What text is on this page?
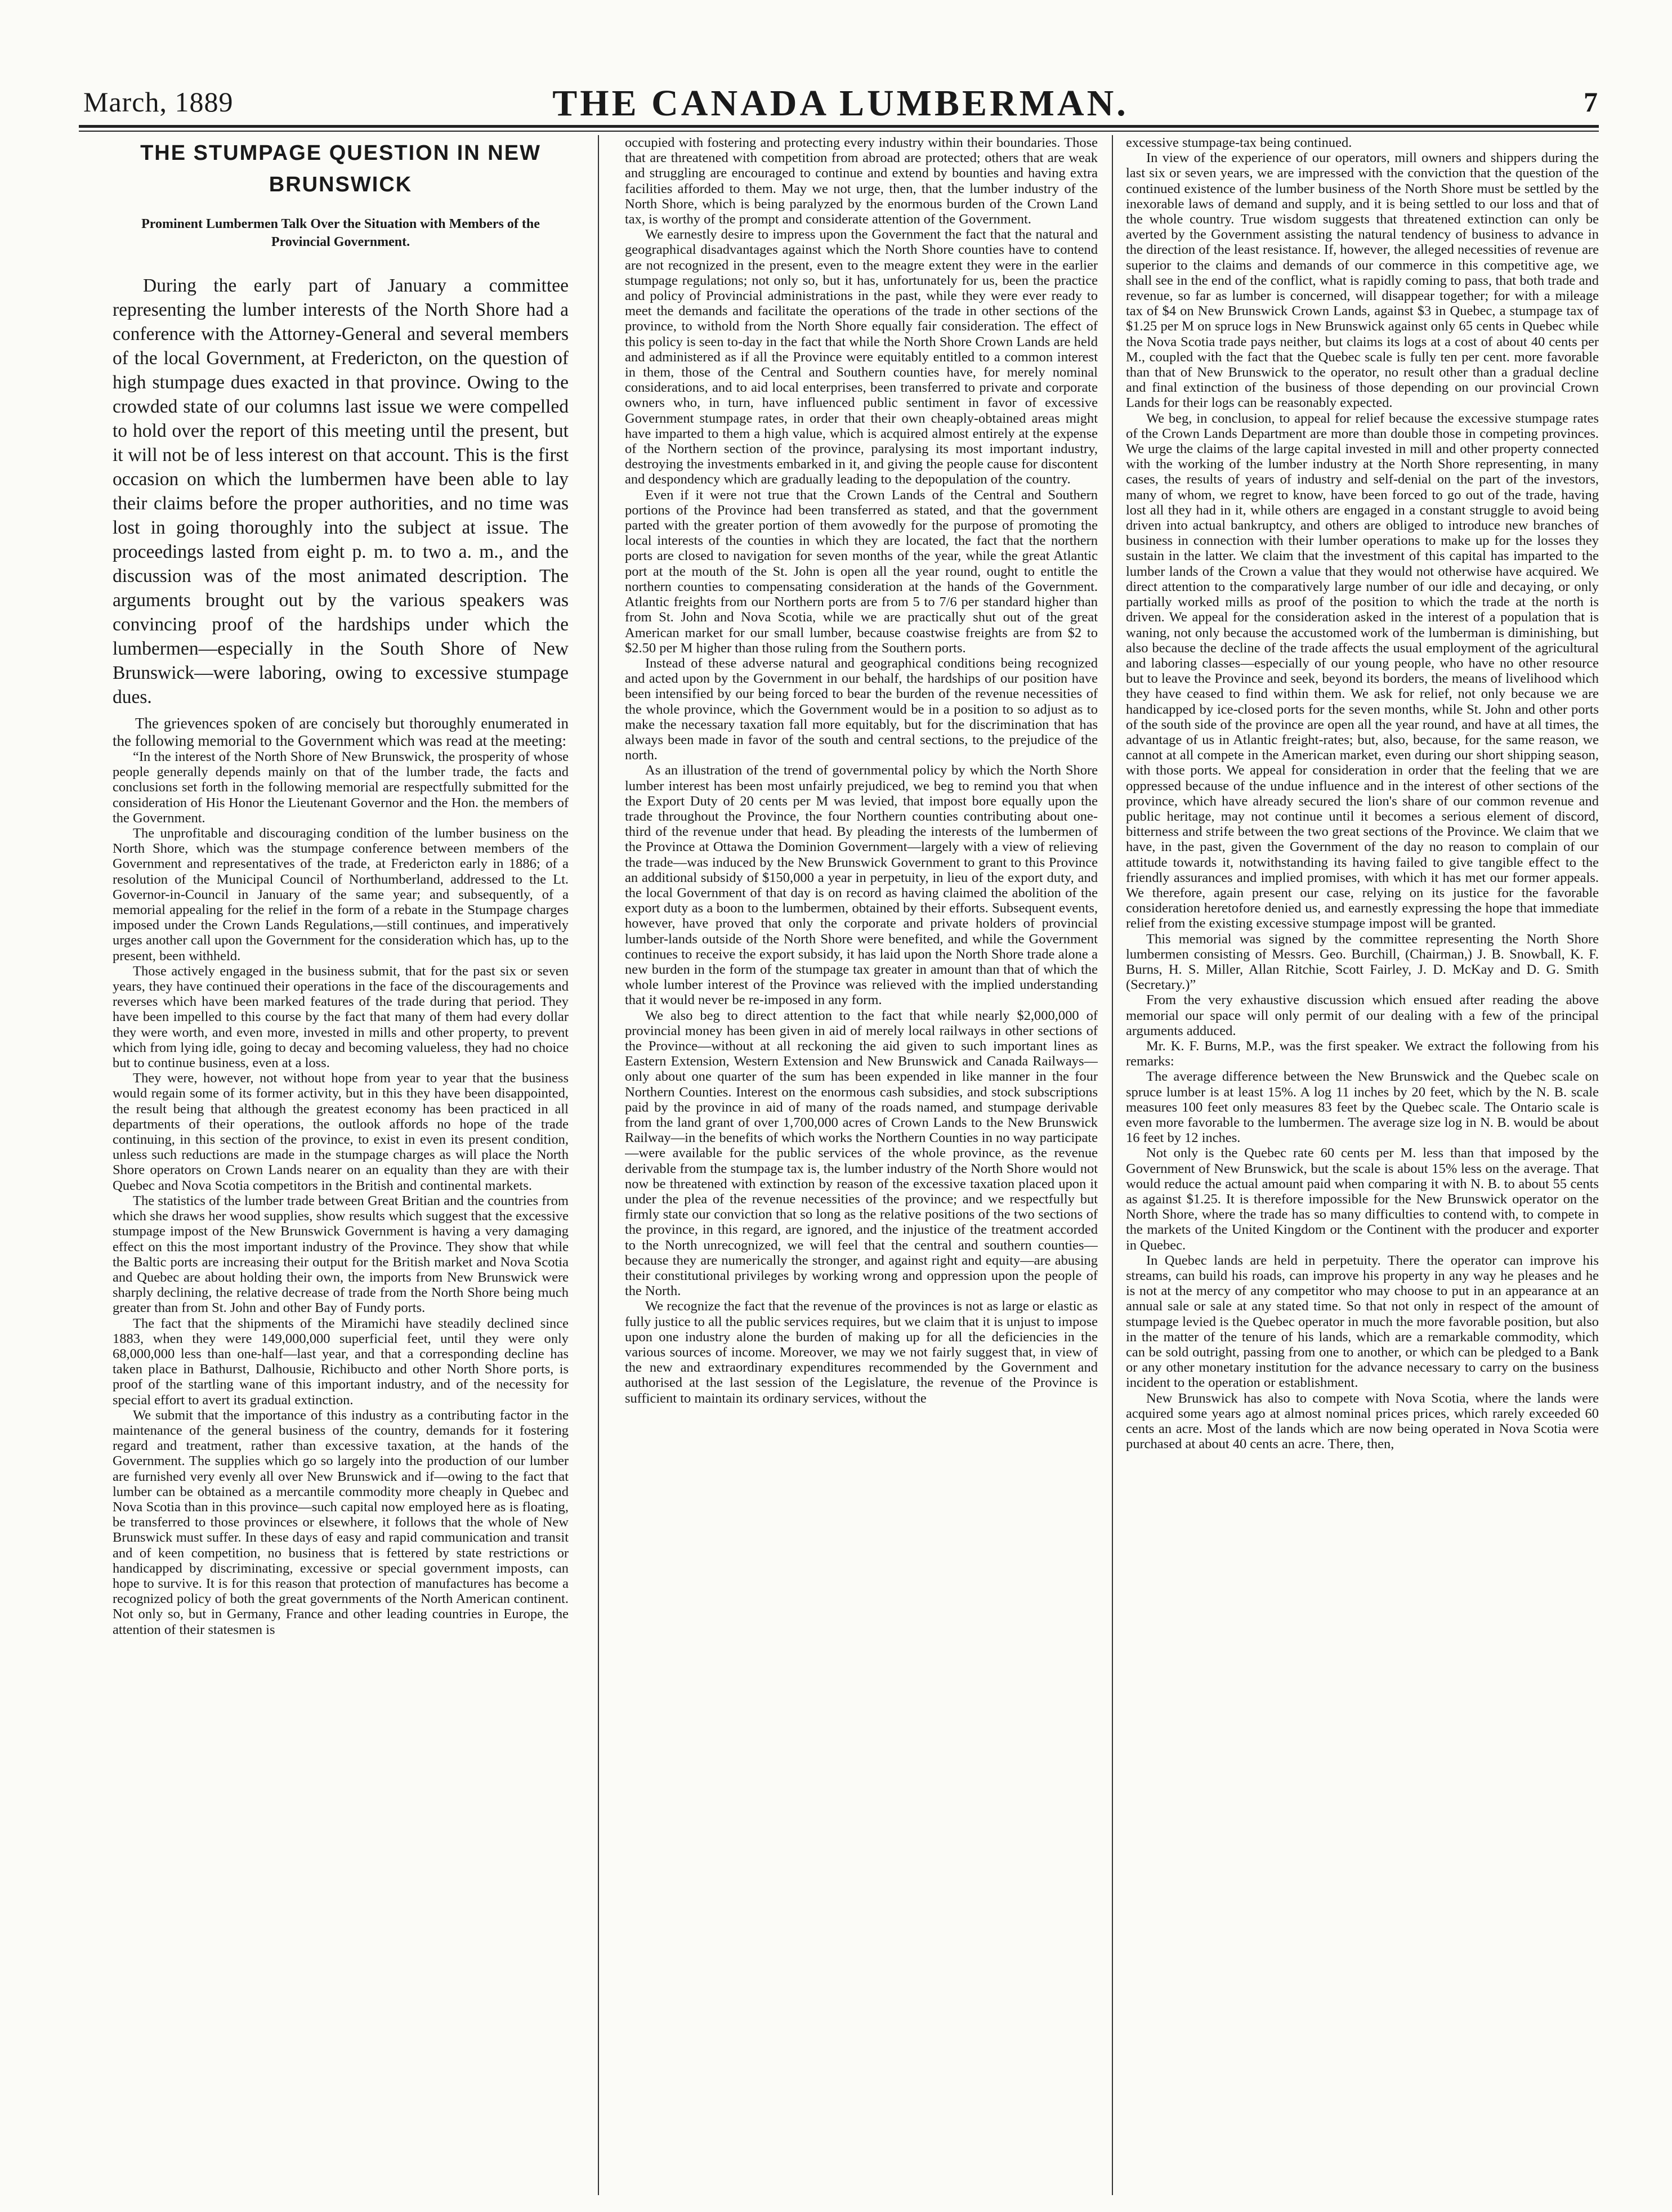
March, 1889	THE CANADA LUMBERMAN.	7
THE STUMPAGE QUESTION IN NEW BRUNSWICK
Prominent Lumbermen Talk Over the Situation with Members of the Provincial Government.

During the early part of January a committee representing the lumber interests of the North Shore had a conference with the Attorney-General and several members of the local Government, at Fredericton, on the question of high stumpage dues exacted in that province. Owing to the crowded state of our columns last issue we were compelled to hold over the report of this meeting until the present, but it will not be of less interest on that account. This is the first occasion on which the lumbermen have been able to lay their claims before the proper authorities, and no time was lost in going thoroughly into the subject at issue. The proceedings lasted from eight p. m. to two a. m., and the discussion was of the most animated description. The arguments brought out by the various speakers was convincing proof of the hardships under which the lumbermen—especially in the South Shore of New Brunswick—were laboring, owing to excessive stumpage dues.

The grievences spoken of are concisely but thoroughly enumerated in the following memorial to the Government which was read at the meeting:

“In the interest of the North Shore of New Brunswick, the prosperity of whose people generally depends mainly on that of the lumber trade, the facts and conclusions set forth in the following memorial are respectfully submitted for the consideration of His Honor the Lieutenant Governor and the Hon. the members of the Government.

The unprofitable and discouraging condition of the lumber business on the North Shore, which was the stumpage conference between members of the Government and representatives of the trade, at Fredericton early in 1886; of a resolution of the Municipal Council of Northumberland, addressed to the Lt. Governor-in-Council in January of the same year; and subsequently, of a memorial appealing for the relief in the form of a rebate in the Stumpage charges imposed under the Crown Lands Regulations,—still continues, and imperatively urges another call upon the Government for the consideration which has, up to the present, been withheld.

Those actively engaged in the business submit, that for the past six or seven years, they have continued their operations in the face of the discouragements and reverses which have been marked features of the trade during that period. They have been impelled to this course by the fact that many of them had every dollar they were worth, and even more, invested in mills and other property, to prevent which from lying idle, going to decay and becoming valueless, they had no choice but to continue business, even at a loss.

They were, however, not without hope from year to year that the business would regain some of its former activity, but in this they have been disappointed, the result being that although the greatest economy has been practiced in all departments of their operations, the outlook affords no hope of the trade continuing, in this section of the province, to exist in even its present condition, unless such reductions are made in the stumpage charges as will place the North Shore operators on Crown Lands nearer on an equality than they are with their Quebec and Nova Scotia competitors in the British and continental markets.

The statistics of the lumber trade between Great Britian and the countries from which she draws her wood supplies, show results which suggest that the excessive stumpage impost of the New Brunswick Government is having a very damaging effect on this the most important industry of the Province. They show that while the Baltic ports are increasing their output for the British market and Nova Scotia and Quebec are about holding their own, the imports from New Brunswick were sharply declining, the relative decrease of trade from the North Shore being much greater than from St. John and other Bay of Fundy ports.

The fact that the shipments of the Miramichi have steadily declined since 1883, when they were 149,000,000 superficial feet, until they were only 68,000,000 less than one-half—last year, and that a corresponding decline has taken place in Bathurst, Dalhousie, Richibucto and other North Shore ports, is proof of the startling wane of this important industry, and of the necessity for special effort to avert its gradual extinction.

We submit that the importance of this industry as a contributing factor in the maintenance of the general business of the country, demands for it fostering regard and treatment, rather than excessive taxation, at the hands of the Government. The supplies which go so largely into the production of our lumber are furnished very evenly all over New Brunswick and if—owing to the fact that lumber can be obtained as a mercantile commodity more cheaply in Quebec and Nova Scotia than in this province—such capital now employed here as is floating, be transferred to those provinces or elsewhere, it follows that the whole of New Brunswick must suffer. In these days of easy and rapid communication and transit and of keen competition, no business that is fettered by state restrictions or handicapped by discriminating, excessive or special government imposts, can hope to survive. It is for this reason that protection of manufactures has become a recognized policy of both the great governments of the North American continent. Not only so, but in Germany, France and other leading countries in Europe, the attention of their statesmen is

occupied with fostering and protecting every industry within their boundaries. Those that are threatened with competition from abroad are protected; others that are weak and struggling are encouraged to continue and extend by bounties and having extra facilities afforded to them. May we not urge, then, that the lumber industry of the North Shore, which is being paralyzed by the enormous burden of the Crown Land tax, is worthy of the prompt and considerate attention of the Government.

We earnestly desire to impress upon the Government the fact that the natural and geographical disadvantages against which the North Shore counties have to contend are not recognized in the present, even to the meagre extent they were in the earlier stumpage regulations; not only so, but it has, unfortunately for us, been the practice and policy of Provincial administrations in the past, while they were ever ready to meet the demands and facilitate the operations of the trade in other sections of the province, to withold from the North Shore equally fair consideration. The effect of this policy is seen to-day in the fact that while the North Shore Crown Lands are held and administered as if all the Province were equitably entitled to a common interest in them, those of the Central and Southern counties have, for merely nominal considerations, and to aid local enterprises, been transferred to private and corporate owners who, in turn, have influenced public sentiment in favor of excessive Government stumpage rates, in order that their own cheaply-obtained areas might have imparted to them a high value, which is acquired almost entirely at the expense of the Northern section of the province, paralysing its most important industry, destroying the investments embarked in it, and giving the people cause for discontent and despondency which are gradually leading to the depopulation of the country.

Even if it were not true that the Crown Lands of the Central and Southern portions of the Province had been transferred as stated, and that the government parted with the greater portion of them avowedly for the purpose of promoting the local interests of the counties in which they are located, the fact that the northern ports are closed to navigation for seven months of the year, while the great Atlantic port at the mouth of the St. John is open all the year round, ought to entitle the northern counties to compensating consideration at the hands of the Government. Atlantic freights from our Northern ports are from 5 to 7/6 per standard higher than from St. John and Nova Scotia, while we are practically shut out of the great American market for our small lumber, because coastwise freights are from $2 to $2.50 per M higher than those ruling from the Southern ports.

Instead of these adverse natural and geographical conditions being recognized and acted upon by the Government in our behalf, the hardships of our position have been intensified by our being forced to bear the burden of the revenue necessities of the whole province, which the Government would be in a position to so adjust as to make the necessary taxation fall more equitably, but for the discrimination that has always been made in favor of the south and central sections, to the prejudice of the north.

As an illustration of the trend of governmental policy by which the North Shore lumber interest has been most unfairly prejudiced, we beg to remind you that when the Export Duty of 20 cents per M was levied, that impost bore equally upon the trade throughout the Province, the four Northern counties contributing about one-third of the revenue under that head. By pleading the interests of the lumbermen of the Province at Ottawa the Dominion Government—largely with a view of relieving the trade—was induced by the New Brunswick Government to grant to this Province an additional subsidy of $150,000 a year in perpetuity, in lieu of the export duty, and the local Government of that day is on record as having claimed the abolition of the export duty as a boon to the lumbermen, obtained by their efforts. Subsequent events, however, have proved that only the corporate and private holders of provincial lumber-lands outside of the North Shore were benefited, and while the Government continues to receive the export subsidy, it has laid upon the North Shore trade alone a new burden in the form of the stumpage tax greater in amount than that of which the whole lumber interest of the Province was relieved with the implied understanding that it would never be re-imposed in any form.

We also beg to direct attention to the fact that while nearly $2,000,000 of provincial money has been given in aid of merely local railways in other sections of the Province—without at all reckoning the aid given to such important lines as Eastern Extension, Western Extension and New Brunswick and Canada Railways—only about one quarter of the sum has been expended in like manner in the four Northern Counties. Interest on the enormous cash subsidies, and stock subscriptions paid by the province in aid of many of the roads named, and stumpage derivable from the land grant of over 1,700,000 acres of Crown Lands to the New Brunswick Railway—in the benefits of which works the Northern Counties in no way participate—were available for the public services of the whole province, as the revenue derivable from the stumpage tax is, the lumber industry of the North Shore would not now be threatened with extinction by reason of the excessive taxation placed upon it under the plea of the revenue necessities of the province; and we respectfully but firmly state our conviction that so long as the relative positions of the two sections of the province, in this regard, are ignored, and the injustice of the treatment accorded to the North unrecognized, we will feel that the central and southern counties—because they are numerically the stronger, and against right and equity—are abusing their constitutional privileges by working wrong and oppression upon the people of the North.

We recognize the fact that the revenue of the provinces is not as large or elastic as fully justice to all the public services requires, but we claim that it is unjust to impose upon one industry alone the burden of making up for all the deficiencies in the various sources of income. Moreover, we may we not fairly suggest that, in view of the new and extraordinary expenditures recommended by the Government and authorised at the last session of the Legislature, the revenue of the Province is sufficient to maintain its ordinary services, without the

excessive stumpage-tax being continued.

In view of the experience of our operators, mill owners and shippers during the last six or seven years, we are impressed with the conviction that the question of the continued existence of the lumber business of the North Shore must be settled by the inexorable laws of demand and supply, and it is being settled to our loss and that of the whole country. True wisdom suggests that threatened extinction can only be averted by the Government assisting the natural tendency of business to advance in the direction of the least resistance. If, however, the alleged necessities of revenue are superior to the claims and demands of our commerce in this competitive age, we shall see in the end of the conflict, what is rapidly coming to pass, that both trade and revenue, so far as lumber is concerned, will disappear together; for with a mileage tax of $4 on New Brunswick Crown Lands, against $3 in Quebec, a stumpage tax of $1.25 per M on spruce logs in New Brunswick against only 65 cents in Quebec while the Nova Scotia trade pays neither, but claims its logs at a cost of about 40 cents per M., coupled with the fact that the Quebec scale is fully ten per cent. more favorable than that of New Brunswick to the operator, no result other than a gradual decline and final extinction of the business of those depending on our provincial Crown Lands for their logs can be reasonably expected.

We beg, in conclusion, to appeal for relief because the excessive stumpage rates of the Crown Lands Department are more than double those in competing provinces. We urge the claims of the large capital invested in mill and other property connected with the working of the lumber industry at the North Shore representing, in many cases, the results of years of industry and self-denial on the part of the investors, many of whom, we regret to know, have been forced to go out of the trade, having lost all they had in it, while others are engaged in a constant struggle to avoid being driven into actual bankruptcy, and others are obliged to introduce new branches of business in connection with their lumber operations to make up for the losses they sustain in the latter. We claim that the investment of this capital has imparted to the lumber lands of the Crown a value that they would not otherwise have acquired. We direct attention to the comparatively large number of our idle and decaying, or only partially worked mills as proof of the position to which the trade at the north is driven. We appeal for the consideration asked in the interest of a population that is waning, not only because the accustomed work of the lumberman is diminishing, but also because the decline of the trade affects the usual employment of the agricultural and laboring classes—especially of our young people, who have no other resource but to leave the Province and seek, beyond its borders, the means of livelihood which they have ceased to find within them. We ask for relief, not only because we are handicapped by ice-closed ports for the seven months, while St. John and other ports of the south side of the province are open all the year round, and have at all times, the advantage of us in Atlantic freight-rates; but, also, because, for the same reason, we cannot at all compete in the American market, even during our short shipping season, with those ports. We appeal for consideration in order that the feeling that we are oppressed because of the undue influence and in the interest of other sections of the province, which have already secured the lion's share of our common revenue and public heritage, may not continue until it becomes a serious element of discord, bitterness and strife between the two great sections of the Province. We claim that we have, in the past, given the Government of the day no reason to complain of our attitude towards it, notwithstanding its having failed to give tangible effect to the friendly assurances and implied promises, with which it has met our former appeals. We therefore, again present our case, relying on its justice for the favorable consideration heretofore denied us, and earnestly expressing the hope that immediate relief from the existing excessive stumpage impost will be granted.

This memorial was signed by the committee representing the North Shore lumbermen consisting of Messrs. Geo. Burchill, (Chairman,) J. B. Snowball, K. F. Burns, H. S. Miller, Allan Ritchie, Scott Fairley, J. D. McKay and D. G. Smith (Secretary.)”

From the very exhaustive discussion which ensued after reading the above memorial our space will only permit of our dealing with a few of the principal arguments adduced.

Mr. K. F. Burns, M.P., was the first speaker. We extract the following from his remarks:

The average difference between the New Brunswick and the Quebec scale on spruce lumber is at least 15%. A log 11 inches by 20 feet, which by the N. B. scale measures 100 feet only measures 83 feet by the Quebec scale. The Ontario scale is even more favorable to the lumbermen. The average size log in N. B. would be about 16 feet by 12 inches.

Not only is the Quebec rate 60 cents per M. less than that imposed by the Government of New Brunswick, but the scale is about 15% less on the average. That would reduce the actual amount paid when comparing it with N. B. to about 55 cents as against $1.25. It is therefore impossible for the New Brunswick operator on the North Shore, where the trade has so many difficulties to contend with, to compete in the markets of the United Kingdom or the Continent with the producer and exporter in Quebec.

In Quebec lands are held in perpetuity. There the operator can improve his streams, can build his roads, can improve his property in any way he pleases and he is not at the mercy of any competitor who may choose to put in an appearance at an annual sale or sale at any stated time. So that not only in respect of the amount of stumpage levied is the Quebec operator in much the more favorable position, but also in the matter of the tenure of his lands, which are a remarkable commodity, which can be sold outright, passing from one to another, or which can be pledged to a Bank or any other monetary institution for the advance necessary to carry on the business incident to the operation or establishment.

New Brunswick has also to compete with Nova Scotia, where the lands were acquired some years ago at almost nominal prices prices, which rarely exceeded 60 cents an acre. Most of the lands which are now being operated in Nova Scotia were purchased at about 40 cents an acre. There, then,
